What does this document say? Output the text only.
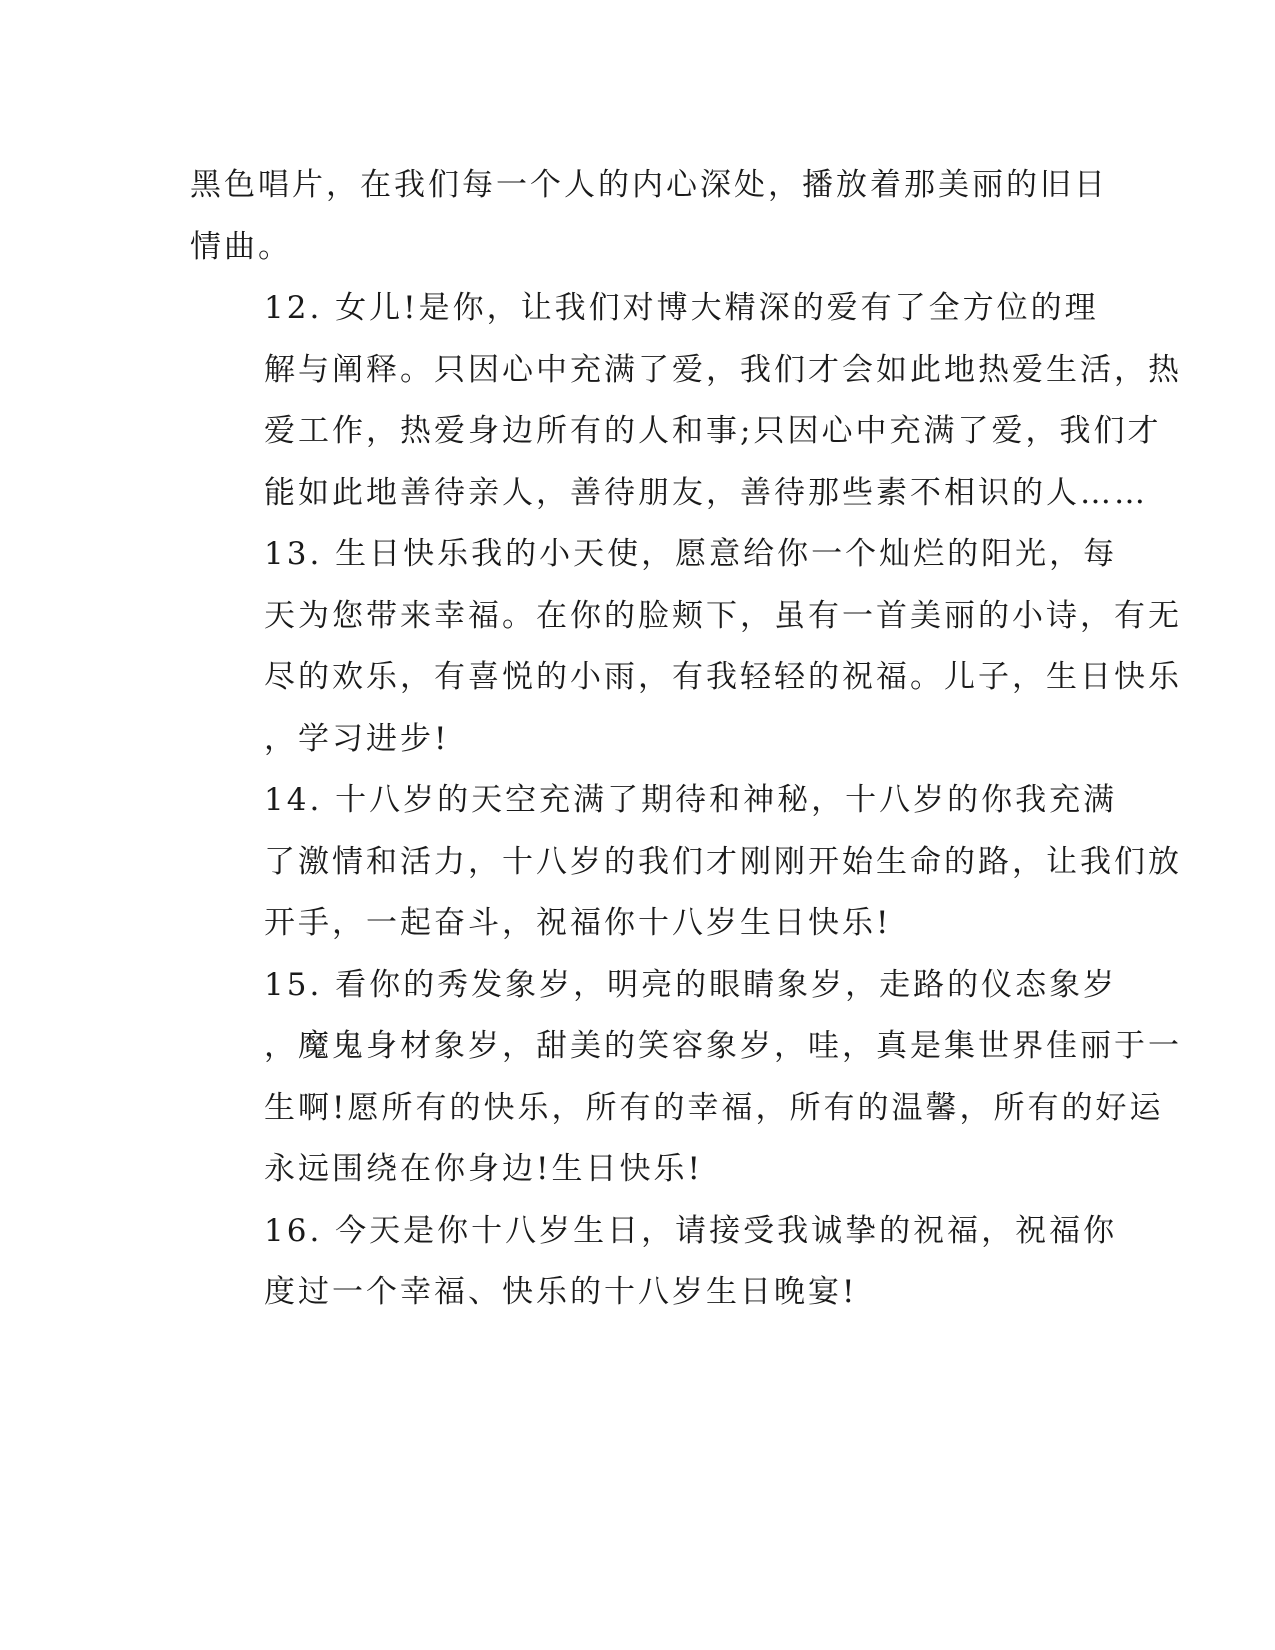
黑色唱片，在我们每一个人的内心深处，播放着那美丽的旧日
情曲。

12. 女儿!是你，让我们对博大精深的爱有了全方位的理
解与阐释。只因心中充满了爱，我们才会如此地热爱生活，热
爱工作，热爱身边所有的人和事;只因心中充满了爱，我们才
能如此地善待亲人，善待朋友，善待那些素不相识的人……

13. 生日快乐我的小天使，愿意给你一个灿烂的阳光，每
天为您带来幸福。在你的脸颊下，虽有一首美丽的小诗，有无
尽的欢乐，有喜悦的小雨，有我轻轻的祝福。儿子，生日快乐
，学习进步!

14. 十八岁的天空充满了期待和神秘，十八岁的你我充满
了激情和活力，十八岁的我们才刚刚开始生命的路，让我们放
开手，一起奋斗，祝福你十八岁生日快乐!

15. 看你的秀发象岁，明亮的眼睛象岁，走路的仪态象岁
，魔鬼身材象岁，甜美的笑容象岁，哇，真是集世界佳丽于一
生啊!愿所有的快乐，所有的幸福，所有的温馨，所有的好运
永远围绕在你身边!生日快乐!

16. 今天是你十八岁生日，请接受我诚挚的祝福，祝福你
度过一个幸福、快乐的十八岁生日晚宴!
